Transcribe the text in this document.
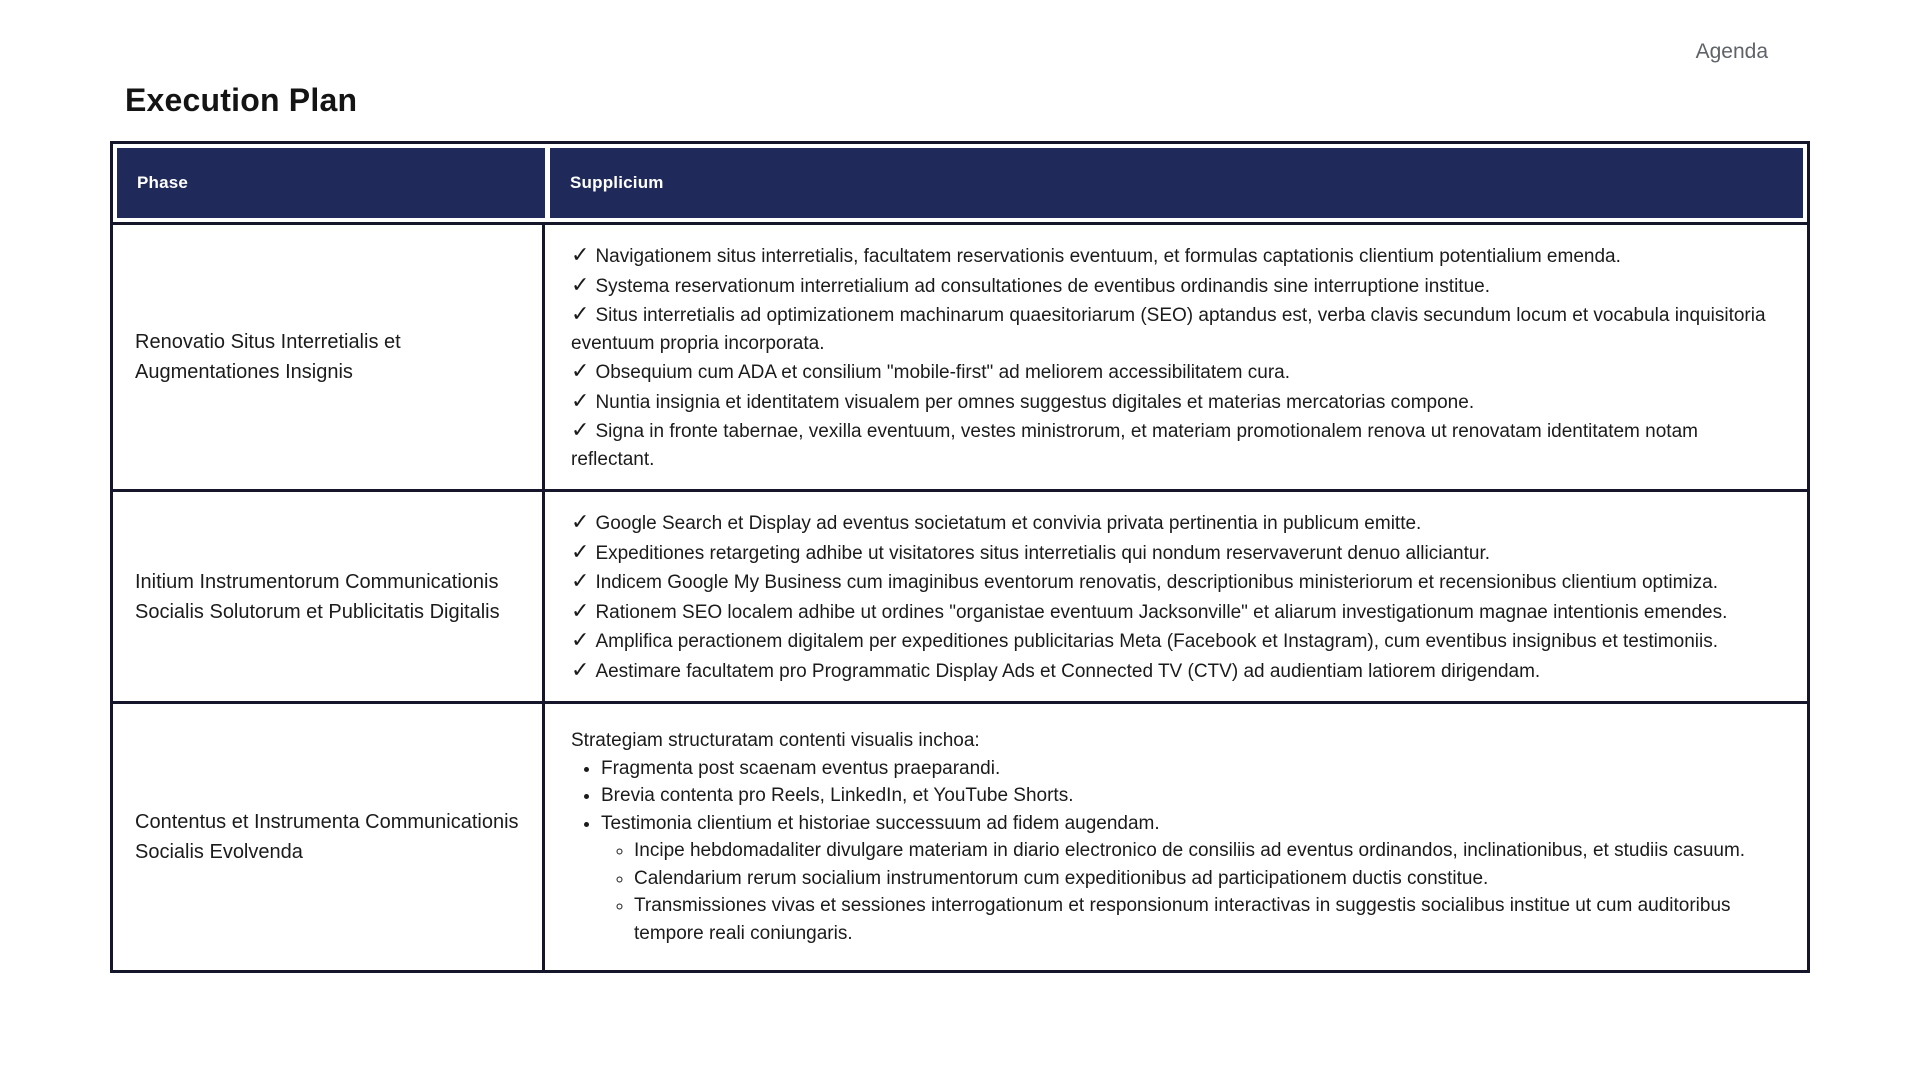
Agenda
Execution Plan
Phase	Supplicium
Renovatio Situs Interretialis et Augmentationes Insignis
✓ Navigationem situs interretialis, facultatem reservationis eventuum, et formulas captationis clientium potentialium emenda.
✓ Systema reservationum interretialium ad consultationes de eventibus ordinandis sine interruptione institue.
✓ Situs interretialis ad optimizationem machinarum quaesitoriarum (SEO) aptandus est, verba clavis secundum locum et vocabula inquisitoria eventuum propria incorporata.
✓ Obsequium cum ADA et consilium "mobile-first" ad meliorem accessibilitatem cura.
✓ Nuntia insignia et identitatem visualem per omnes suggestus digitales et materias mercatorias compone.
✓ Signa in fronte tabernae, vexilla eventuum, vestes ministrorum, et materiam promotionalem renova ut renovatam identitatem notam reflectant.
Initium Instrumentorum Communicationis Socialis Solutorum et Publicitatis Digitalis
✓ Google Search et Display ad eventus societatum et convivia privata pertinentia in publicum emitte.
✓ Expeditiones retargeting adhibe ut visitatores situs interretialis qui nondum reservaverunt denuo alliciantur.
✓ Indicem Google My Business cum imaginibus eventorum renovatis, descriptionibus ministeriorum et recensionibus clientium optimiza.
✓ Rationem SEO localem adhibe ut ordines "organistae eventuum Jacksonville" et aliarum investigationum magnae intentionis emendes.
✓ Amplifica peractionem digitalem per expeditiones publicitarias Meta (Facebook et Instagram), cum eventibus insignibus et testimoniis.
✓ Aestimare facultatem pro Programmatic Display Ads et Connected TV (CTV) ad audientiam latiorem dirigendam.
Contentus et Instrumenta Communicationis Socialis Evolvenda
Strategiam structuratam contenti visualis inchoa:
• Fragmenta post scaenam eventus praeparandi.
• Brevia contenta pro Reels, LinkedIn, et YouTube Shorts.
• Testimonia clientium et historiae successuum ad fidem augendam.
◦ Incipe hebdomadaliter divulgare materiam in diario electronico de consiliis ad eventus ordinandos, inclinationibus, et studiis casuum.
◦ Calendarium rerum socialium instrumentorum cum expeditionibus ad participationem ductis constitue.
◦ Transmissiones vivas et sessiones interrogationum et responsionum interactivas in suggestis socialibus institue ut cum auditoribus tempore reali coniungaris.
